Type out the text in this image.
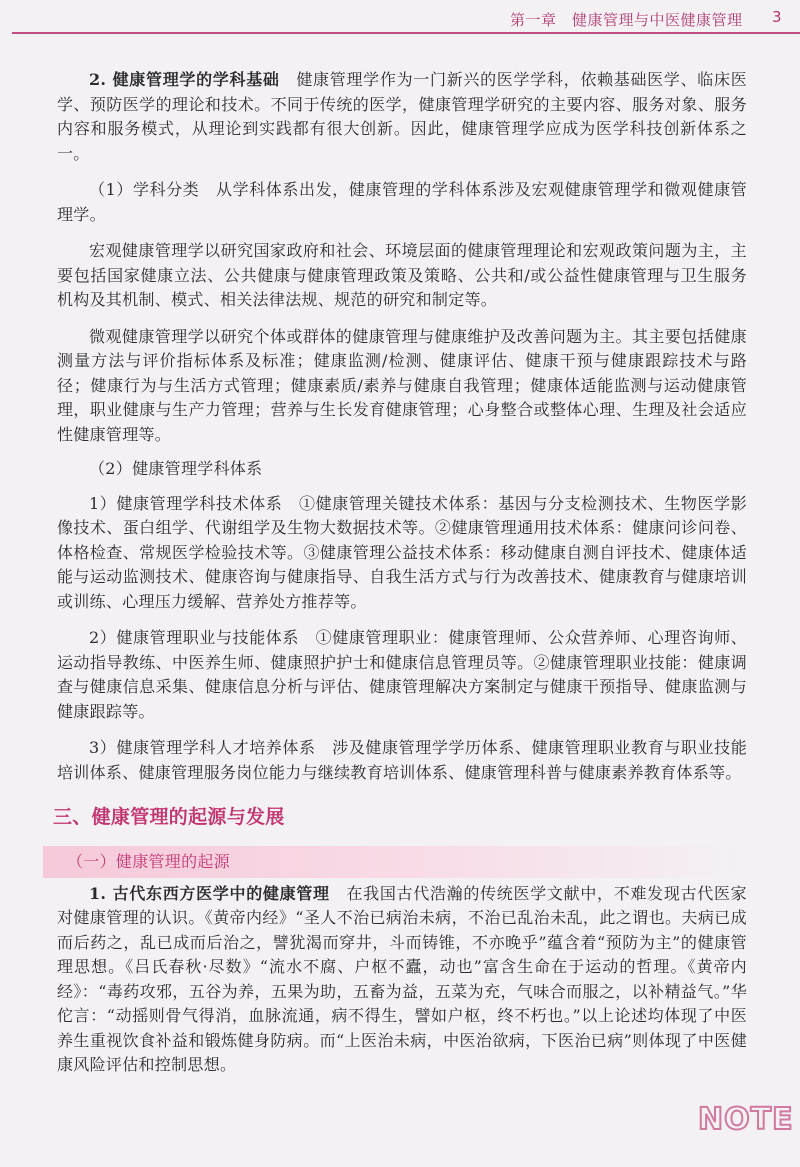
第一章　健康管理与中医健康管理 3

2. 健康管理学的学科基础　健康管理学作为一门新兴的医学学科，依赖基础医学、临床医学、预防医学的理论和技术。不同于传统的医学，健康管理学研究的主要内容、服务对象、服务内容和服务模式，从理论到实践都有很大创新。因此，健康管理学应成为医学科技创新体系之一。

（1）学科分类　从学科体系出发，健康管理的学科体系涉及宏观健康管理学和微观健康管理学。

宏观健康管理学以研究国家政府和社会、环境层面的健康管理理论和宏观政策问题为主，主要包括国家健康立法、公共健康与健康管理政策及策略、公共和/或公益性健康管理与卫生服务机构及其机制、模式、相关法律法规、规范的研究和制定等。

微观健康管理学以研究个体或群体的健康管理与健康维护及改善问题为主。其主要包括健康测量方法与评价指标体系及标准；健康监测/检测、健康评估、健康干预与健康跟踪技术与路径；健康行为与生活方式管理；健康素质/素养与健康自我管理；健康体适能监测与运动健康管理，职业健康与生产力管理；营养与生长发育健康管理；心身整合或整体心理、生理及社会适应性健康管理等。

（2）健康管理学科体系

1）健康管理学科技术体系　①健康管理关键技术体系：基因与分支检测技术、生物医学影像技术、蛋白组学、代谢组学及生物大数据技术等。②健康管理通用技术体系：健康问诊问卷、体格检查、常规医学检验技术等。③健康管理公益技术体系：移动健康自测自评技术、健康体适能与运动监测技术、健康咨询与健康指导、自我生活方式与行为改善技术、健康教育与健康培训或训练、心理压力缓解、营养处方推荐等。

2）健康管理职业与技能体系　①健康管理职业：健康管理师、公众营养师、心理咨询师、运动指导教练、中医养生师、健康照护护士和健康信息管理员等。②健康管理职业技能：健康调查与健康信息采集、健康信息分析与评估、健康管理解决方案制定与健康干预指导、健康监测与健康跟踪等。

3）健康管理学科人才培养体系　涉及健康管理学学历体系、健康管理职业教育与职业技能培训体系、健康管理服务岗位能力与继续教育培训体系、健康管理科普与健康素养教育体系等。

三、健康管理的起源与发展
（一）健康管理的起源

1. 古代东西方医学中的健康管理　在我国古代浩瀚的传统医学文献中，不难发现古代医家对健康管理的认识。《黄帝内经》“圣人不治已病治未病，不治已乱治未乱，此之谓也。夫病已成而后药之，乱已成而后治之，譬犹渴而穿井，斗而铸锥，不亦晚乎”蕴含着“预防为主”的健康管理思想。《吕氏春秋·尽数》“流水不腐、户枢不蠹，动也”富含生命在于运动的哲理。《黄帝内经》：“毒药攻邪，五谷为养，五果为助，五畜为益，五菜为充，气味合而服之，以补精益气。”华佗言：“动摇则骨气得消，血脉流通，病不得生，譬如户枢，终不朽也。”以上论述均体现了中医养生重视饮食补益和锻炼健身防病。而“上医治未病，中医治欲病，下医治已病”则体现了中医健康风险评估和控制思想。

NOTE
